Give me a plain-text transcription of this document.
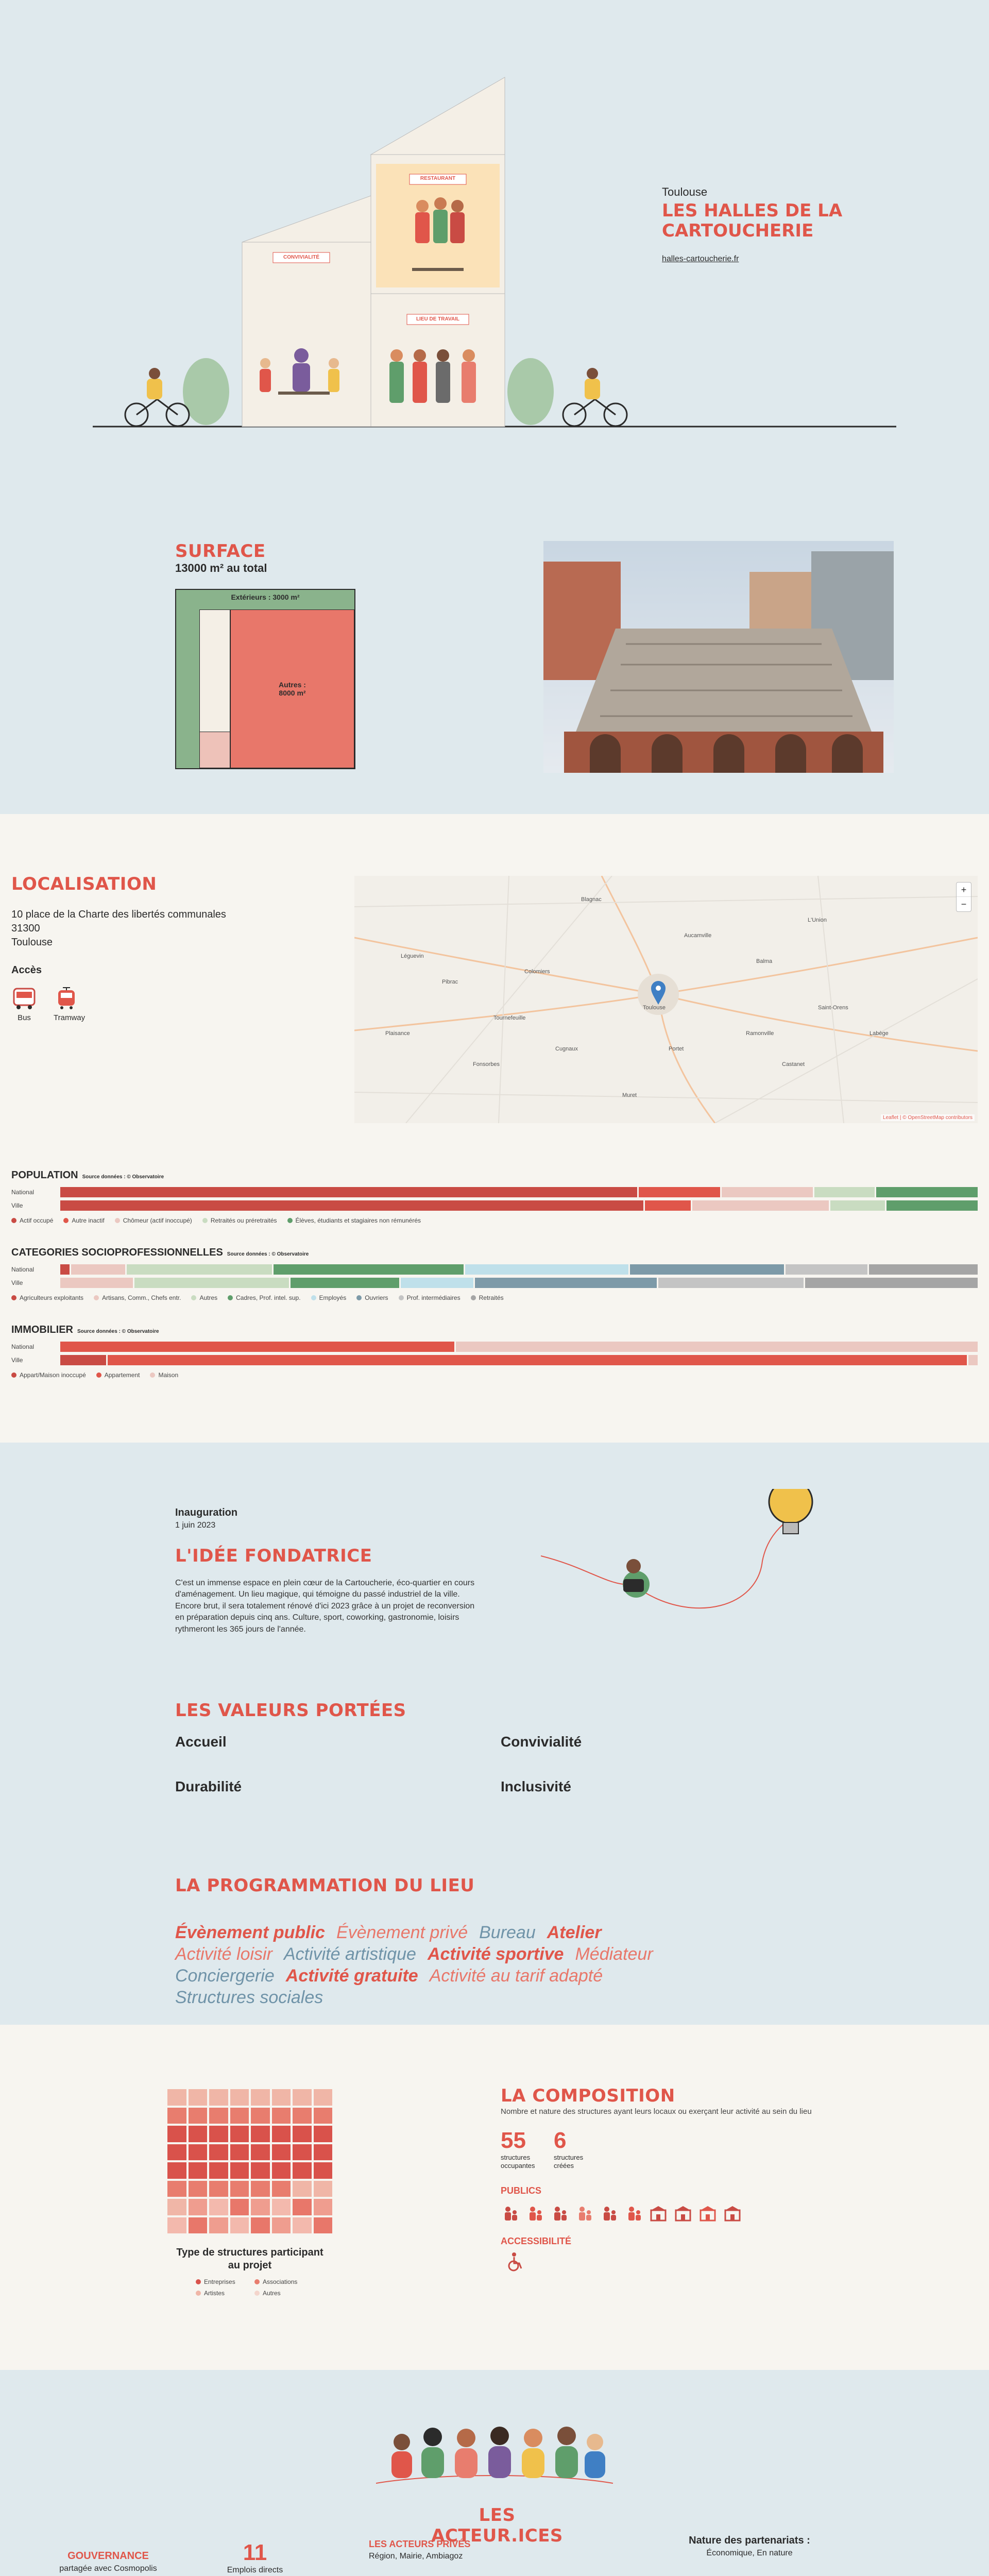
RESTAURANT
CONVIVIALITÉ
LIEU DE TRAVAIL
Toulouse
LES HALLES DE LA
CARTOUCHERIE
halles-cartoucherie.fr
SURFACE
13000 m² au total
Extérieurs : 3000 m²
Autres :
8000 m²
LOCALISATION
10 place de la Charte des libertés communales
31300
Toulouse
Accès
Bus	Tramway
Blagnac
Toulouse
Colomiers
Balma
Portet
Muret
Ramonville
Castanet
Tournefeuille
Saint-Orens
L'Union
Aucamville
Pibrac
Léguevin
Fonsorbes
Plaisance
Cugnaux
Labège
+
−
Leaflet | © OpenStreetMap contributors
POPULATION Source données : © Observatoire
National
Ville
Actif occupé	Autre inactif	Chômeur (actif inoccupé)	Retraités ou préretraités	Élèves, étudiants et stagiaires non rémunérés
CATEGORIES SOCIOPROFESSIONNELLES Source données : © Observatoire
National
Ville
Agriculteurs exploitants	Artisans, Comm., Chefs entr.	Autres	Cadres, Prof. intel. sup.	Employés	Ouvriers	Prof. intermédiaires	Retraités
IMMOBILIER Source données : © Observatoire
National
Ville
Appart/Maison inoccupé	Appartement	Maison
Inauguration
1 juin 2023
L'IDÉE FONDATRICE
C'est un immense espace en plein cœur de la Cartoucherie, éco-quartier en cours d'aménagement. Un lieu magique, qui témoigne du passé industriel de la ville. Encore brut, il sera totalement rénové d'ici 2023 grâce à un projet de reconversion en préparation depuis cinq ans. Culture, sport, coworking, gastronomie, loisirs rythmeront les 365 jours de l'année.
LES VALEURS PORTÉES
Accueil	Convivialité
Durabilité	Inclusivité
LA PROGRAMMATION DU LIEU
Évènement public Évènement privé Bureau Atelier
Activité loisir Activité artistique Activité sportive Médiateur
Conciergerie Activité gratuite Activité au tarif adapté
Structures sociales
Type de structures participant au projet
Entreprises	Associations
Artistes	Autres
LA COMPOSITION
Nombre et nature des structures ayant leurs locaux ou exerçant leur activité au sein du lieu
55
structures occupantes
6
structures créées
PUBLICS
ACCESSIBILITÉ
LES ACTEUR.ICES
GOUVERNANCE
partagée avec Cosmopolis
11
Emplois directs
LES ACTEURS PRIVÉS
Région, Mairie, Ambiagoz
Nature des partenariats :
Économique, En nature
